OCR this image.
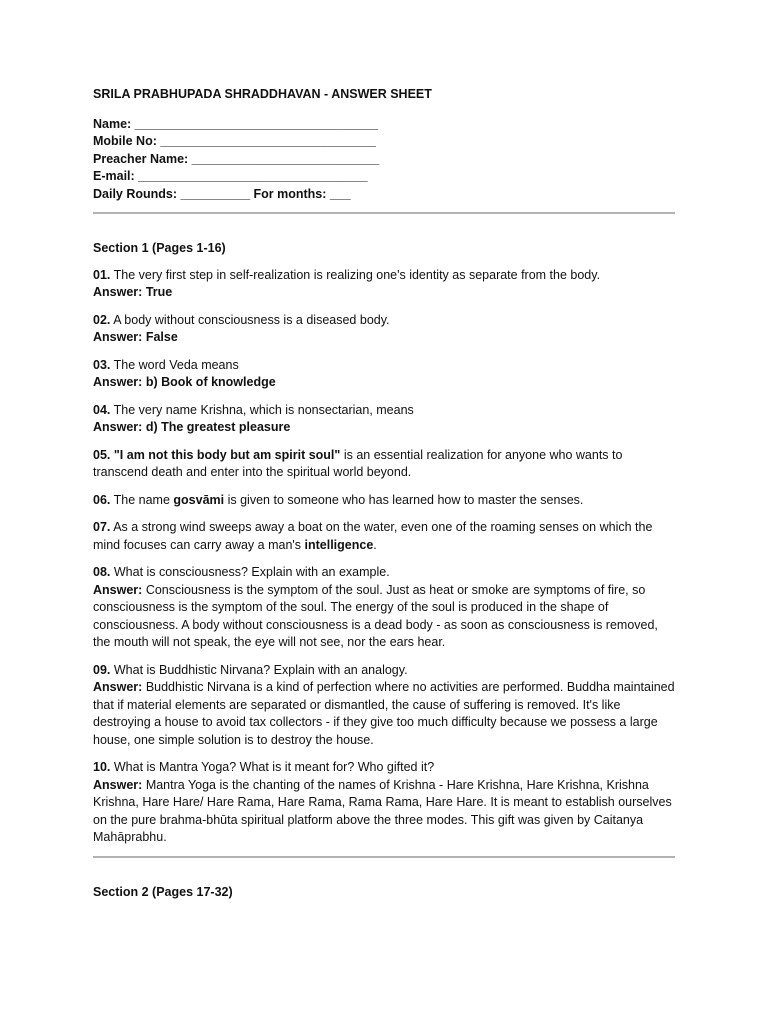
SRILA PRABHUPADA SHRADDHAVAN - ANSWER SHEET
Name: ___________________________________
Mobile No: _______________________________
Preacher Name: ___________________________
E-mail: _________________________________
Daily Rounds: __________ For months: ___
Section 1 (Pages 1-16)
01. The very first step in self-realization is realizing one's identity as separate from the body.
Answer: True
02. A body without consciousness is a diseased body.
Answer: False
03. The word Veda means
Answer: b) Book of knowledge
04. The very name Krishna, which is nonsectarian, means
Answer: d) The greatest pleasure
05. "I am not this body but am spirit soul" is an essential realization for anyone who wants to transcend death and enter into the spiritual world beyond.
06. The name gosvāmi is given to someone who has learned how to master the senses.
07. As a strong wind sweeps away a boat on the water, even one of the roaming senses on which the mind focuses can carry away a man's intelligence.
08. What is consciousness? Explain with an example.
Answer: Consciousness is the symptom of the soul. Just as heat or smoke are symptoms of fire, so consciousness is the symptom of the soul. The energy of the soul is produced in the shape of consciousness. A body without consciousness is a dead body - as soon as consciousness is removed, the mouth will not speak, the eye will not see, nor the ears hear.
09. What is Buddhistic Nirvana? Explain with an analogy.
Answer: Buddhistic Nirvana is a kind of perfection where no activities are performed. Buddha maintained that if material elements are separated or dismantled, the cause of suffering is removed. It's like destroying a house to avoid tax collectors - if they give too much difficulty because we possess a large house, one simple solution is to destroy the house.
10. What is Mantra Yoga? What is it meant for? Who gifted it?
Answer: Mantra Yoga is the chanting of the names of Krishna - Hare Krishna, Hare Krishna, Krishna Krishna, Hare Hare/ Hare Rama, Hare Rama, Rama Rama, Hare Hare. It is meant to establish ourselves on the pure brahma-bhūta spiritual platform above the three modes. This gift was given by Caitanya Mahāprabhu.
Section 2 (Pages 17-32)
